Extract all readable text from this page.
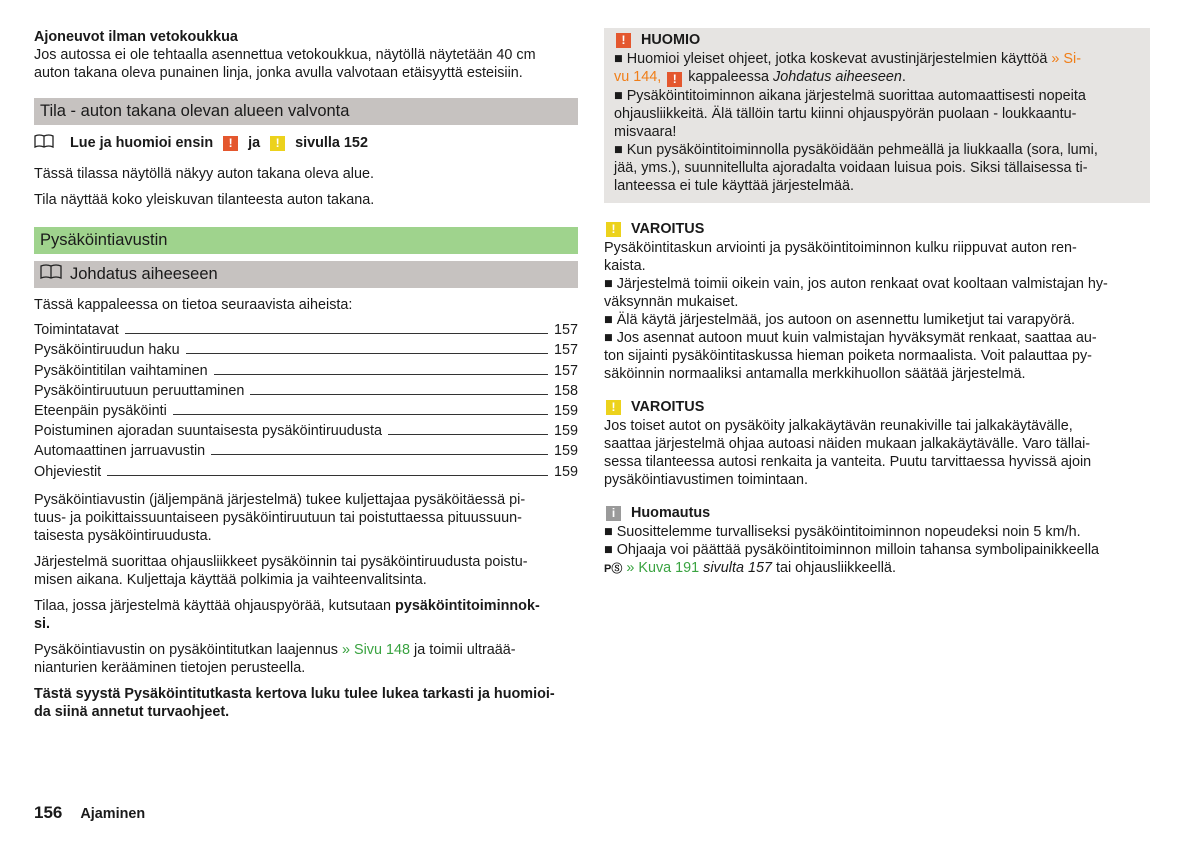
Ajoneuvot ilman vetokoukkua

Jos autossa ei ole tehtaalla asennettua vetokoukkua, näytöllä näytetään 40 cm

auton takana oleva punainen linja, jonka avulla valvotaan etäisyyttä esteisiin.

Tila - auton takana olevan alueen valvonta
Lue ja huomioi ensin	!	ja	!	sivulla 152

Tässä tilassa näytöllä näkyy auton takana oleva alue.

Tila näyttää koko yleiskuvan tilanteesta auton takana.

Pysäköintiavustin
Johdatus aiheeseen

Tässä kappaleessa on tietoa seuraavista aiheista:

Toimintatavat	157
Pysäköintiruudun haku	157
Pysäköintitilan vaihtaminen	157
Pysäköintiruutuun peruuttaminen	158
Eteenpäin pysäköinti	159
Poistuminen ajoradan suuntaisesta pysäköintiruudusta	159
Automaattinen jarruavustin	159
Ohjeviestit	159

Pysäköintiavustin (jäljempänä järjestelmä) tukee kuljettajaa pysäköitäessä pi-

tuus- ja poikittaissuuntaiseen pysäköintiruutuun tai poistuttaessa pituussuun-

taisesta pysäköintiruudusta.

Järjestelmä suorittaa ohjausliikkeet pysäköinnin tai pysäköintiruudusta poistu-

misen aikana. Kuljettaja käyttää polkimia ja vaihteenvalitsinta.

Tilaa, jossa järjestelmä käyttää ohjauspyörää, kutsutaan pysäköintitoiminnok-

si.

Pysäköintiavustin on pysäköintitutkan laajennus » Sivu 148 ja toimii ultraää-

nianturien kerääminen tietojen perusteella.

Tästä syystä Pysäköintitutkasta kertova luku tulee lukea tarkasti ja huomioi-

da siinä annetut turvaohjeet.

!	HUOMIO

■ Huomioi yleiset ohjeet, jotka koskevat avustinjärjestelmien käyttöä » Si-

vu 144, ! kappaleessa Johdatus aiheeseen.

■ Pysäköintitoiminnon aikana järjestelmä suorittaa automaattisesti nopeita

ohjausliikkeitä. Älä tällöin tartu kiinni ohjauspyörän puolaan - loukkaantu-

misvaara!

■ Kun pysäköintitoiminnolla pysäköidään pehmeällä ja liukkaalla (sora, lumi,

jää, yms.), suunnitellulta ajoradalta voidaan luisua pois. Siksi tällaisessa ti-

lanteessa ei tule käyttää järjestelmää.

!	VAROITUS

Pysäköintitaskun arviointi ja pysäköintitoiminnon kulku riippuvat auton ren-

kaista.

■ Järjestelmä toimii oikein vain, jos auton renkaat ovat kooltaan valmistajan hy-

väksynnän mukaiset.

■ Älä käytä järjestelmää, jos autoon on asennettu lumiketjut tai varapyörä.

■ Jos asennat autoon muut kuin valmistajan hyväksymät renkaat, saattaa au-

ton sijainti pysäköintitaskussa hieman poiketa normaalista. Voit palauttaa py-

säköinnin normaaliksi antamalla merkkihuollon säätää järjestelmä.

!	VAROITUS

Jos toiset autot on pysäköity jalkakäytävän reunakiville tai jalkakäytävälle,

saattaa järjestelmä ohjaa autoasi näiden mukaan jalkakäytävälle. Varo tällai-

sessa tilanteessa autosi renkaita ja vanteita. Puutu tarvittaessa hyvissä ajoin

pysäköintiavustimen toimintaan.

i	Huomautus

■ Suosittelemme turvalliseksi pysäköintitoiminnon nopeudeksi noin 5 km/h.

■ Ohjaaja voi päättää pysäköintitoiminnon milloin tahansa symbolipainikkeella

PⓈ » Kuva 191 sivulta 157 tai ohjausliikkeellä.

156 Ajaminen
